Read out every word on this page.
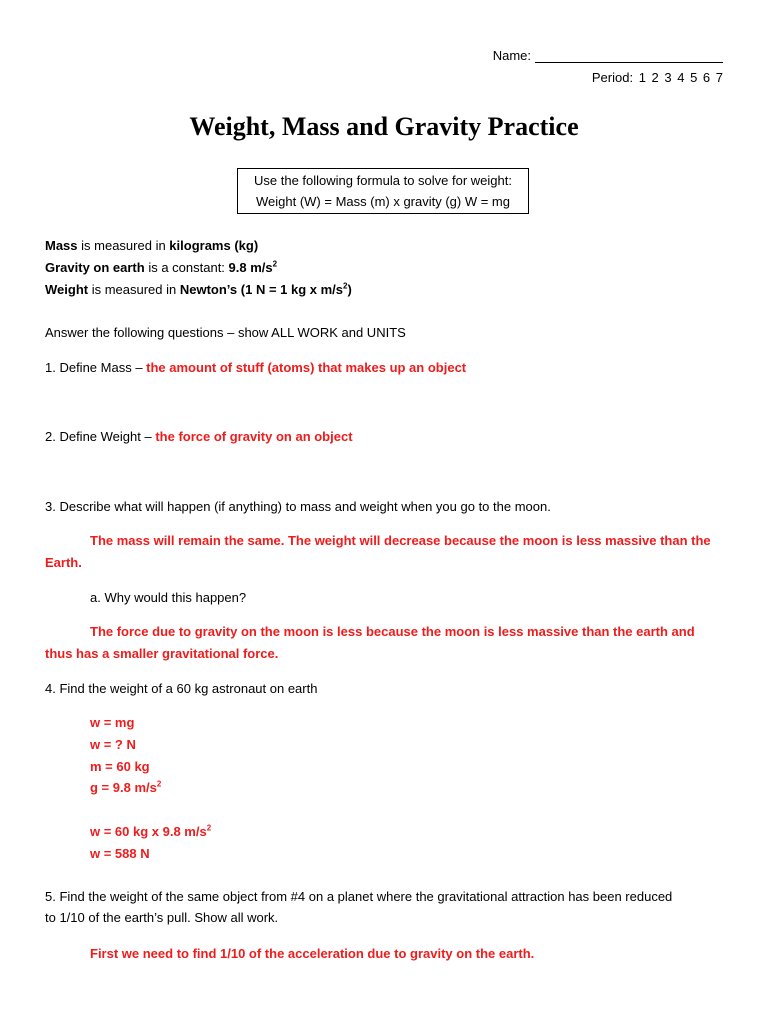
Name:
Period: 1 2 3 4 5 6 7
Weight, Mass and Gravity Practice
Use the following formula to solve for weight:
Weight (W) = Mass (m) x gravity (g) W = mg
Mass is measured in kilograms (kg)
Gravity on earth is a constant: 9.8 $m/s^2$
Weight is measured in Newton’s (1 N = 1 kg x $m/s^2$)
Answer the following questions – show ALL WORK and UNITS
1. Define Mass – the amount of stuff (atoms) that makes up an object
2. Define Weight – the force of gravity on an object
3. Describe what will happen (if anything) to mass and weight when you go to the moon.
The mass will remain the same. The weight will decrease because the moon is less massive than the
Earth.
a. Why would this happen?
The force due to gravity on the moon is less because the moon is less massive than the earth and
thus has a smaller gravitational force.
4. Find the weight of a 60 kg astronaut on earth
w = mg
w = ? N
m = 60 kg
g = 9.8 $m/s^2$
w = 60 kg x 9.8 $m/s^2$
w = 588 N
5. Find the weight of the same object from #4 on a planet where the gravitational attraction has been reduced
to 1/10 of the earth’s pull. Show all work.
First we need to find 1/10 of the acceleration due to gravity on the earth.
